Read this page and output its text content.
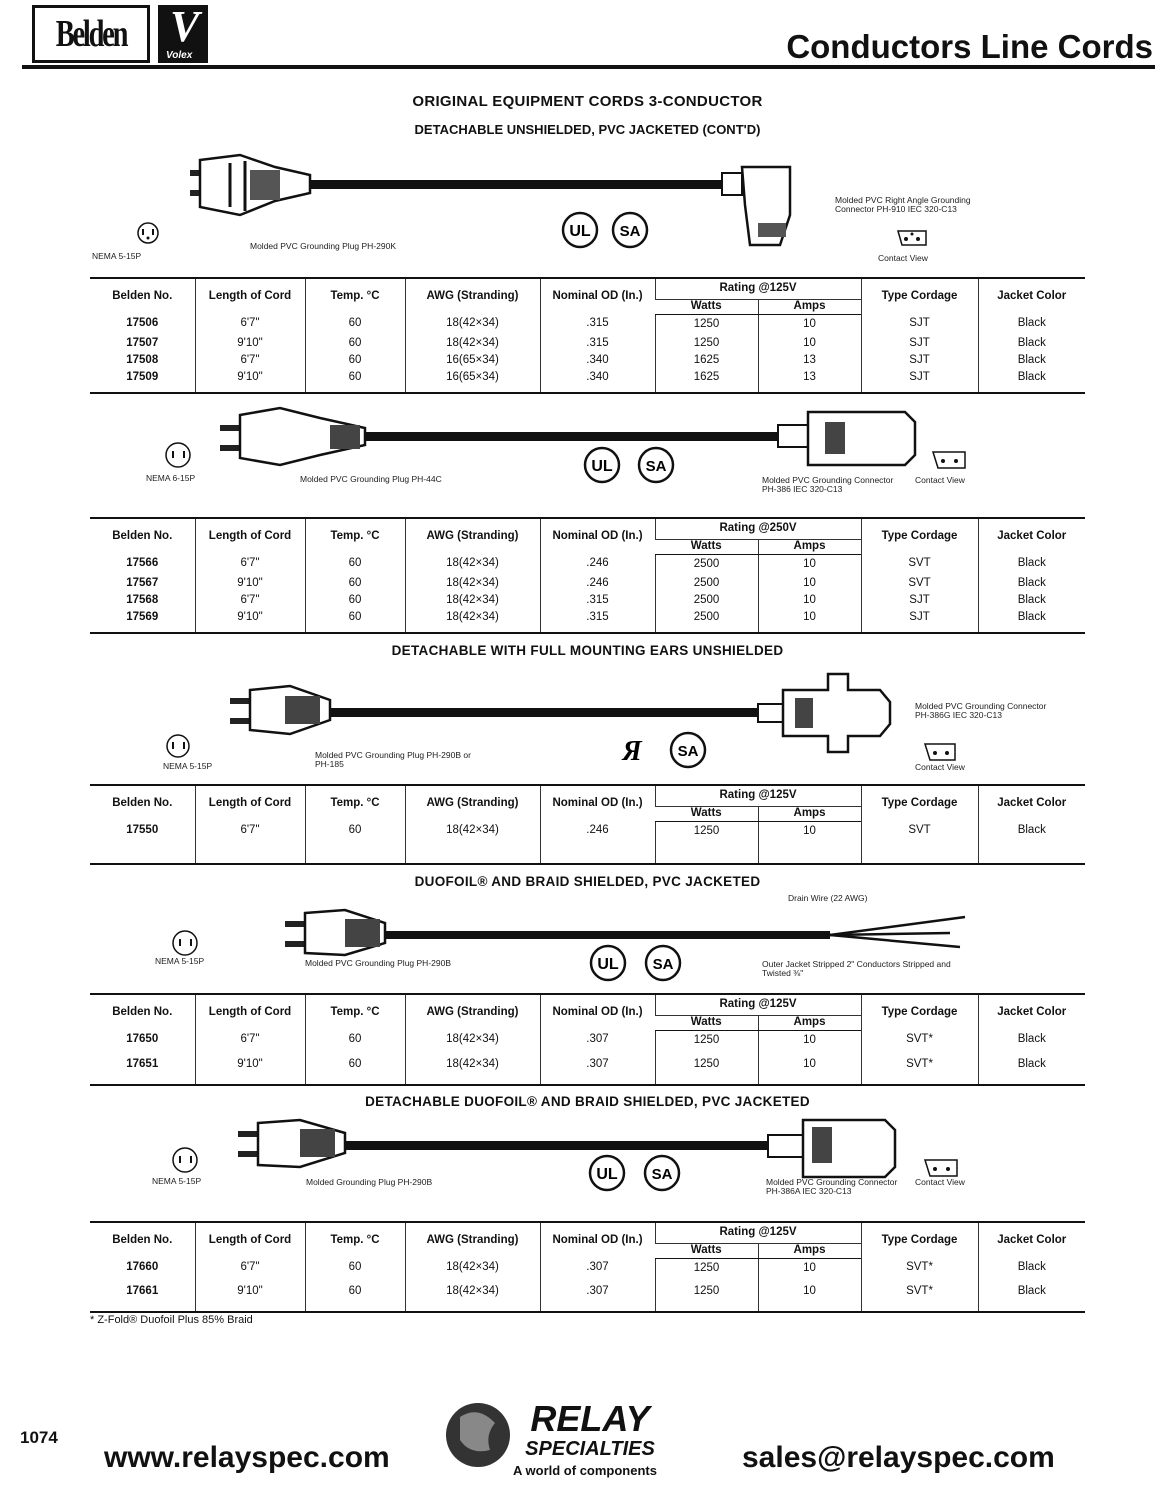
Belden V
Volex	Conductors Line Cords
ORIGINAL EQUIPMENT CORDS 3-CONDUCTOR
DETACHABLE UNSHIELDED, PVC JACKETED (CONT'D)
UL SA
NEMA 5-15P
Molded PVC Grounding Plug PH-290K
Molded PVC Right Angle Grounding Connector PH-910 IEC 320-C13
Contact View
Belden No.	Length of Cord	Temp. °C	AWG (Stranding)	Nominal OD (In.)	Rating @125V		Type Cordage	Jacket Color
					Watts	Amps		
17506	6'7"	60	18(42×34)	.315	1250	10	SJT	Black
17507	9'10"	60	18(42×34)	.315	1250	10	SJT	Black
17508	6'7"	60	16(65×34)	.340	1625	13	SJT	Black
17509	9'10"	60	16(65×34)	.340	1625	13	SJT	Black
UL SA
NEMA 6-15P	Molded PVC Grounding Plug PH-44C	Molded PVC Grounding Connector PH-386 IEC 320-C13
Contact View
Belden No.	Length of Cord	Temp. °C	AWG (Stranding)	Nominal OD (In.)	Rating @250V		Type Cordage	Jacket Color
					Watts	Amps		
17566	6'7"	60	18(42×34)	.246	2500	10	SVT	Black
17567	9'10"	60	18(42×34)	.246	2500	10	SVT	Black
17568	6'7"	60	18(42×34)	.315	2500	10	SJT	Black
17569	9'10"	60	18(42×34)	.315	2500	10	SJT	Black
DETACHABLE WITH FULL MOUNTING EARS UNSHIELDED
Я SA
NEMA 5-15P
Molded PVC Grounding Plug PH-290B or PH-185
Molded PVC Grounding Connector PH-386G IEC 320-C13
Contact View
Belden No.	Length of Cord	Temp. °C	AWG (Stranding)	Nominal OD (In.)	Rating @125V		Type Cordage	Jacket Color
					Watts	Amps		
17550	6'7"	60	18(42×34)	.246	1250	10	SVT	Black
DUOFOIL® AND BRAID SHIELDED, PVC JACKETED
UL SA
NEMA 5-15P	Molded PVC Grounding Plug PH-290B
Drain Wire (22 AWG)
Outer Jacket Stripped 2" Conductors Stripped and Twisted ⅜"
Belden No.	Length of Cord	Temp. °C	AWG (Stranding)	Nominal OD (In.)	Rating @125V		Type Cordage	Jacket Color
					Watts	Amps		
17650	6'7"	60	18(42×34)	.307	1250	10	SVT*	Black
17651	9'10"	60	18(42×34)	.307	1250	10	SVT*	Black
DETACHABLE DUOFOIL® AND BRAID SHIELDED, PVC JACKETED
UL SA
NEMA 5-15P	Molded Grounding Plug PH-290B	Molded PVC Grounding Connector PH-386A IEC 320-C13
Contact View
Belden No.	Length of Cord	Temp. °C	AWG (Stranding)	Nominal OD (In.)	Rating @125V		Type Cordage	Jacket Color
					Watts	Amps		
17660	6'7"	60	18(42×34)	.307	1250	10	SVT*	Black
17661	9'10"	60	18(42×34)	.307	1250	10	SVT*	Black
* Z-Fold® Duofoil Plus 85% Braid
1074
www.relayspec.com
RELAY
SPECIALTIES
A world of components	sales@relayspec.com
